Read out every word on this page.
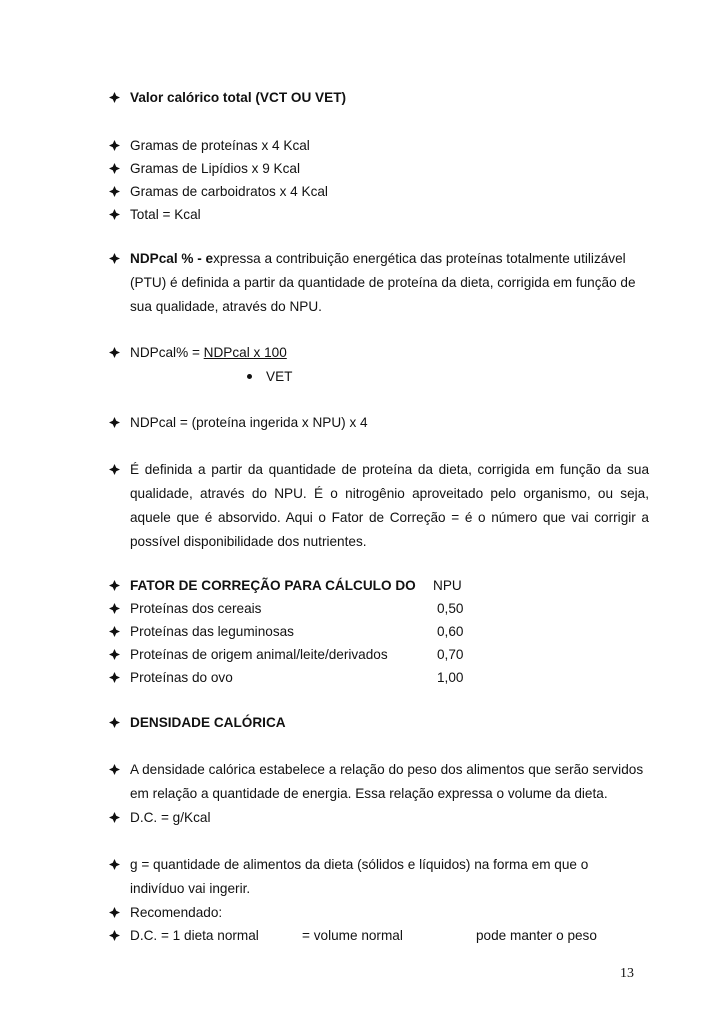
Valor calórico total (VCT OU VET)
Gramas de proteínas x 4 Kcal
Gramas de Lipídios x 9 Kcal
Gramas de carboidratos x 4 Kcal
Total = Kcal
NDPcal % - expressa a contribuição energética das proteínas totalmente utilizável
(PTU) é definida a partir da quantidade de proteína da dieta, corrigida em função de
sua qualidade, através do NPU.
NDPcal% = NDPcal x 100
VET
NDPcal = (proteína ingerida x NPU) x 4
É definida a partir da quantidade de proteína da dieta, corrigida em função da sua
qualidade, através do NPU. É o nitrogênio aproveitado pelo organismo, ou seja,
aquele que é absorvido. Aqui o Fator de Correção = é o número que vai corrigir a
possível disponibilidade dos nutrientes.
FATOR DE CORREÇÃO PARA CÁLCULO DO	NPU
Proteínas dos cereais	0,50
Proteínas das leguminosas	0,60
Proteínas de origem animal/leite/derivados	0,70
Proteínas do ovo	1,00
DENSIDADE CALÓRICA
A densidade calórica estabelece a relação do peso dos alimentos que serão servidos
em relação a quantidade de energia. Essa relação expressa o volume da dieta.
D.C. = g/Kcal
g = quantidade de alimentos da dieta (sólidos e líquidos) na forma em que o
indivíduo vai ingerir.
Recomendado:
D.C. = 1 dieta normal	= volume normal	pode manter o peso
13
